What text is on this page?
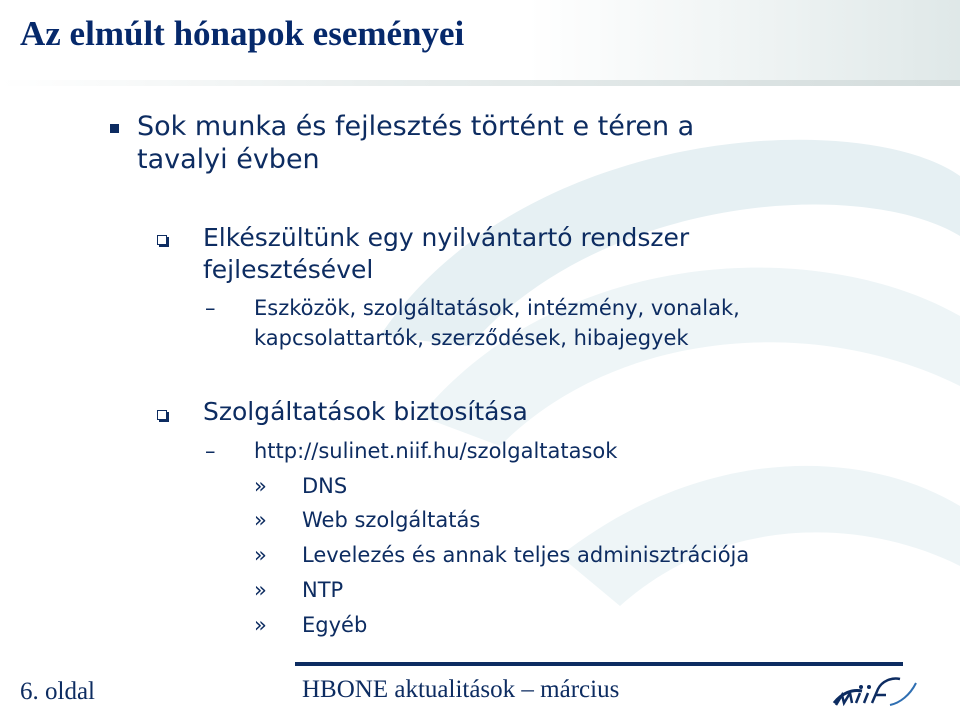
Az elmúlt hónapok eseményei
Sok munka és fejlesztés történt e téren a
tavalyi évben
Elkészültünk egy nyilvántartó rendszer
fejlesztésével
– Eszközök, szolgáltatások, intézmény, vonalak,
kapcsolattartók, szerződések, hibajegyek
Szolgáltatások biztosítása
– http://sulinet.niif.hu/szolgaltatasok
» DNS
» Web szolgáltatás
» Levelezés és annak teljes adminisztrációja
» NTP
» Egyéb
6. oldal	HBONE aktualitások – március
